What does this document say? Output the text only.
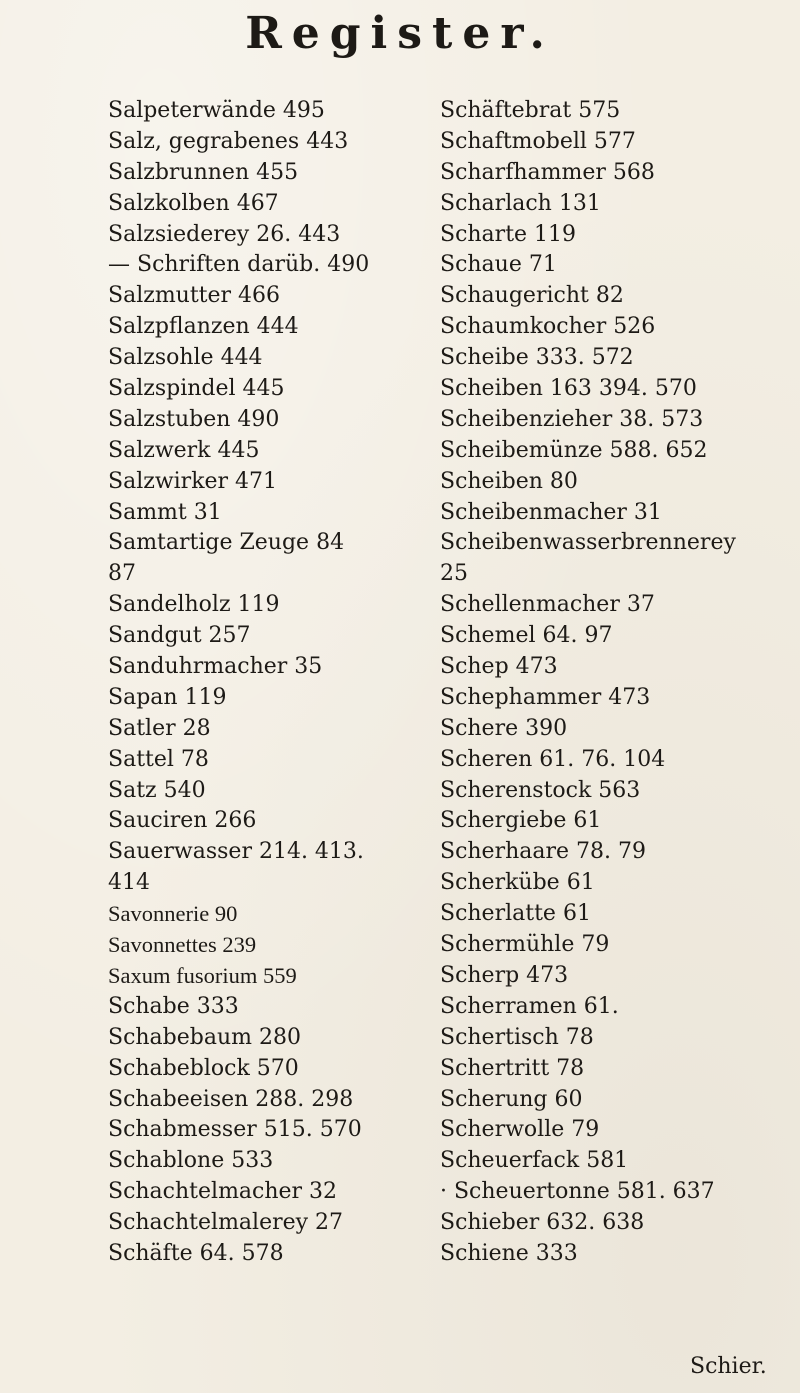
Register.
Salpeterwände 495
Salz, gegrabenes 443
Salzbrunnen 455
Salzkolben 467
Salzsiederey 26. 443
— Schriften darüb. 490
Salzmutter 466
Salzpflanzen 444
Salzsohle 444
Salzspindel 445
Salzstuben 490
Salzwerk 445
Salzwirker 471
Sammt 31
Samtartige Zeuge 84
87
Sandelholz 119
Sandgut 257
Sanduhrmacher 35
Sapan 119
Satler 28
Sattel 78
Satz 540
Sauciren 266
Sauerwasser 214. 413.
414
Savonnerie 90
Savonnettes 239
Saxum fusorium 559
Schabe 333
Schabebaum 280
Schabeblock 570
Schabeeisen 288. 298
Schabmesser 515. 570
Schablone 533
Schachtelmacher 32
Schachtelmalerey 27
Schäfte 64. 578
Schäftebrat 575
Schaftmobell 577
Scharfhammer 568
Scharlach 131
Scharte 119
Schaue 71
Schaugericht 82
Schaumkocher 526
Scheibe 333. 572
Scheiben 163 394. 570
Scheibenzieher 38. 573
Scheibemünze 588. 652
Scheiben 80
Scheibenmacher 31
Scheibenwasserbrennerey
25
Schellenmacher 37
Schemel 64. 97
Schep 473
Schephammer 473
Schere 390
Scheren 61. 76. 104
Scherenstock 563
Schergiebe 61
Scherhaare 78. 79
Scherkübe 61
Scherlatte 61
Schermühle 79
Scherp 473
Scherramen 61.
Schertisch 78
Schertritt 78
Scherung 60
Scherwolle 79
Scheuerfack 581
· Scheuertonne 581. 637
Schieber 632. 638
Schiene 333
Schier.
